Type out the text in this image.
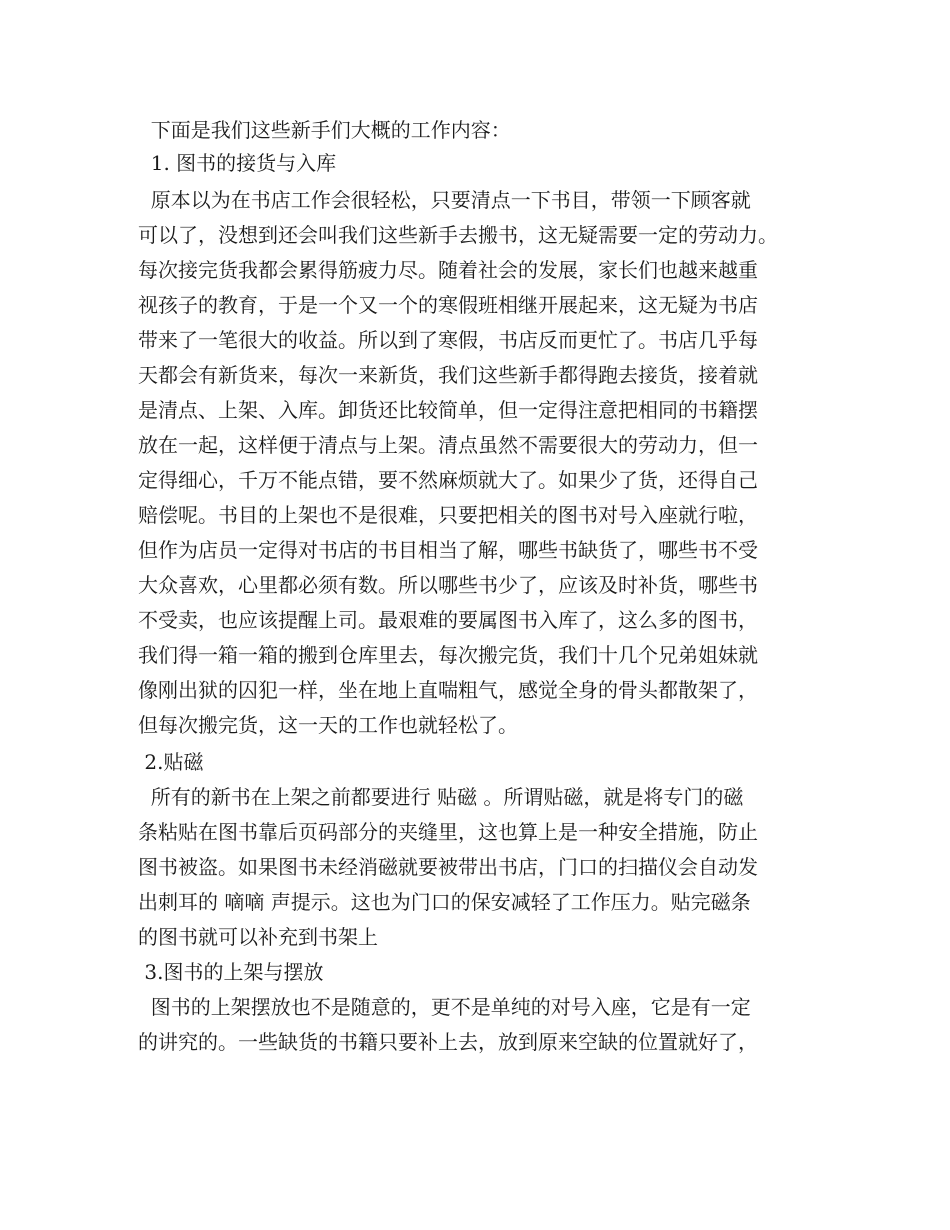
下面是我们这些新手们大概的工作内容：
1. 图书的接货与入库
原本以为在书店工作会很轻松，只要清点一下书目，带领一下顾客就
可以了，没想到还会叫我们这些新手去搬书，这无疑需要一定的劳动力。
每次接完货我都会累得筋疲力尽。随着社会的发展，家长们也越来越重
视孩子的教育，于是一个又一个的寒假班相继开展起来，这无疑为书店
带来了一笔很大的收益。所以到了寒假，书店反而更忙了。书店几乎每
天都会有新货来，每次一来新货，我们这些新手都得跑去接货，接着就
是清点、上架、入库。卸货还比较简单，但一定得注意把相同的书籍摆
放在一起，这样便于清点与上架。清点虽然不需要很大的劳动力，但一
定得细心，千万不能点错，要不然麻烦就大了。如果少了货，还得自己
赔偿呢。书目的上架也不是很难，只要把相关的图书对号入座就行啦，
但作为店员一定得对书店的书目相当了解，哪些书缺货了，哪些书不受
大众喜欢，心里都必须有数。所以哪些书少了，应该及时补货，哪些书
不受卖，也应该提醒上司。最艰难的要属图书入库了，这么多的图书，
我们得一箱一箱的搬到仓库里去，每次搬完货，我们十几个兄弟姐妹就
像刚出狱的囚犯一样，坐在地上直喘粗气，感觉全身的骨头都散架了，
但每次搬完货，这一天的工作也就轻松了。
2.贴磁
所有的新书在上架之前都要进行 贴磁 。所谓贴磁，就是将专门的磁
条粘贴在图书靠后页码部分的夹缝里，这也算上是一种安全措施，防止
图书被盗。如果图书未经消磁就要被带出书店，门口的扫描仪会自动发
出刺耳的 嘀嘀 声提示。这也为门口的保安减轻了工作压力。贴完磁条
的图书就可以补充到书架上
3.图书的上架与摆放
图书的上架摆放也不是随意的，更不是单纯的对号入座，它是有一定
的讲究的。一些缺货的书籍只要补上去，放到原来空缺的位置就好了，
